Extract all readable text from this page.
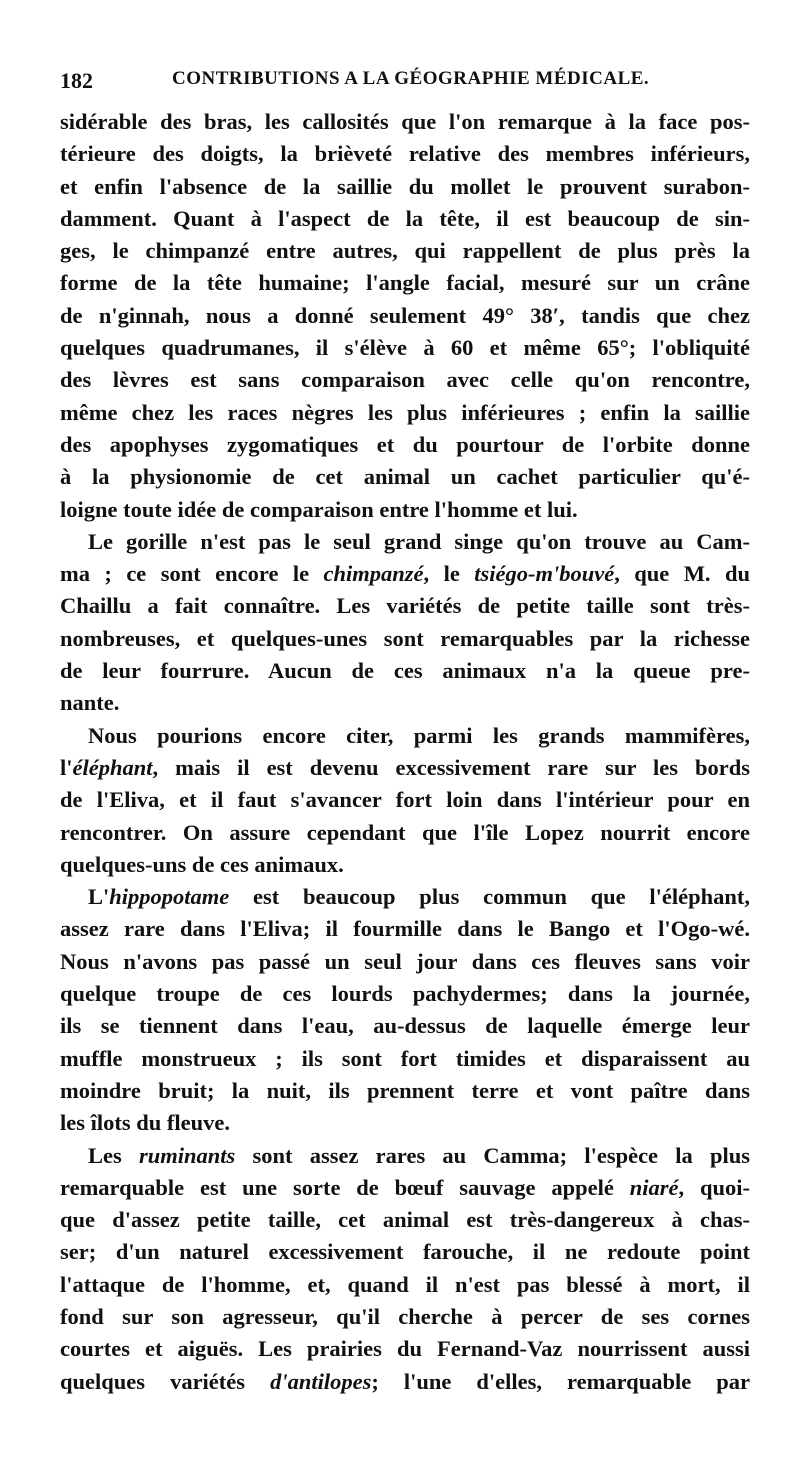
182	CONTRIBUTIONS A LA GÉOGRAPHIE MÉDICALE.
sidérable des bras, les callosités que l'on remarque à la face pos-
térieure des doigts, la brièveté relative des membres inférieurs,
et enfin l'absence de la saillie du mollet le prouvent surabon-
damment. Quant à l'aspect de la tête, il est beaucoup de sin-
ges, le chimpanzé entre autres, qui rappellent de plus près la
forme de la tête humaine; l'angle facial, mesuré sur un crâne
de n'ginnah, nous a donné seulement 49° 38′, tandis que chez
quelques quadrumanes, il s'élève à 60 et même 65°; l'obliquité
des lèvres est sans comparaison avec celle qu'on rencontre,
même chez les races nègres les plus inférieures ; enfin la saillie
des apophyses zygomatiques et du pourtour de l'orbite donne
à la physionomie de cet animal un cachet particulier qu'é-
loigne toute idée de comparaison entre l'homme et lui.
Le gorille n'est pas le seul grand singe qu'on trouve au Cam-
ma ; ce sont encore le chimpanzé, le tsiégo-m'bouvé, que M. du
Chaillu a fait connaître. Les variétés de petite taille sont très-
nombreuses, et quelques-unes sont remarquables par la richesse
de leur fourrure. Aucun de ces animaux n'a la queue pre-
nante.
Nous pourions encore citer, parmi les grands mammifères,
l'éléphant, mais il est devenu excessivement rare sur les bords
de l'Eliva, et il faut s'avancer fort loin dans l'intérieur pour en
rencontrer. On assure cependant que l'île Lopez nourrit encore
quelques-uns de ces animaux.
L'hippopotame est beaucoup plus commun que l'éléphant,
assez rare dans l'Eliva; il fourmille dans le Bango et l'Ogo-wé.
Nous n'avons pas passé un seul jour dans ces fleuves sans voir
quelque troupe de ces lourds pachydermes; dans la journée,
ils se tiennent dans l'eau, au-dessus de laquelle émerge leur
muffle monstrueux ; ils sont fort timides et disparaissent au
moindre bruit; la nuit, ils prennent terre et vont paître dans
les îlots du fleuve.
Les ruminants sont assez rares au Camma; l'espèce la plus
remarquable est une sorte de bœuf sauvage appelé niaré, quoi-
que d'assez petite taille, cet animal est très-dangereux à chas-
ser; d'un naturel excessivement farouche, il ne redoute point
l'attaque de l'homme, et, quand il n'est pas blessé à mort, il
fond sur son agresseur, qu'il cherche à percer de ses cornes
courtes et aiguës. Les prairies du Fernand-Vaz nourrissent aussi
quelques variétés d'antilopes; l'une d'elles, remarquable par
